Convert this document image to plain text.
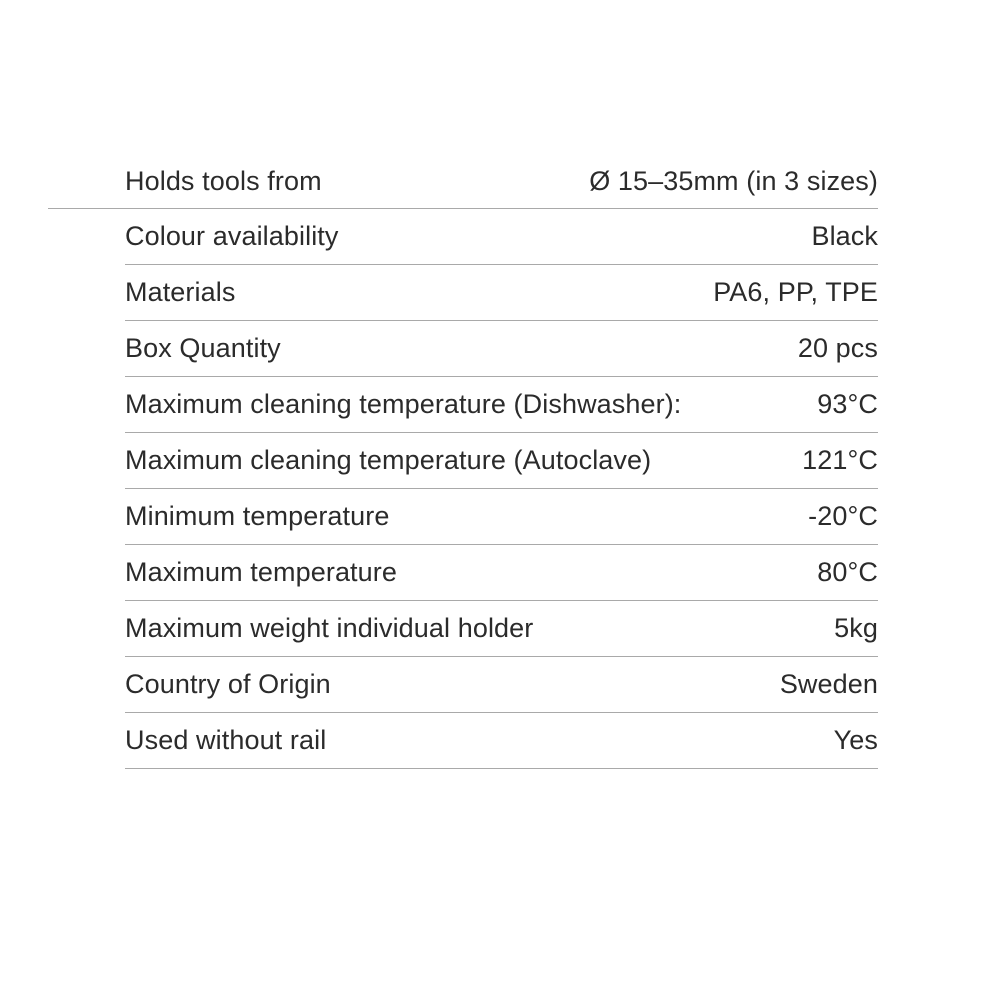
Holds tools from	Ø 15–35mm (in 3 sizes)
Colour availability	Black
Materials	PA6, PP, TPE
Box Quantity	20 pcs
Maximum cleaning temperature (Dishwasher):	93°C
Maximum cleaning temperature (Autoclave)	121°C
Minimum temperature	-20°C
Maximum temperature	80°C
Maximum weight individual holder	5kg
Country of Origin	Sweden
Used without rail	Yes
